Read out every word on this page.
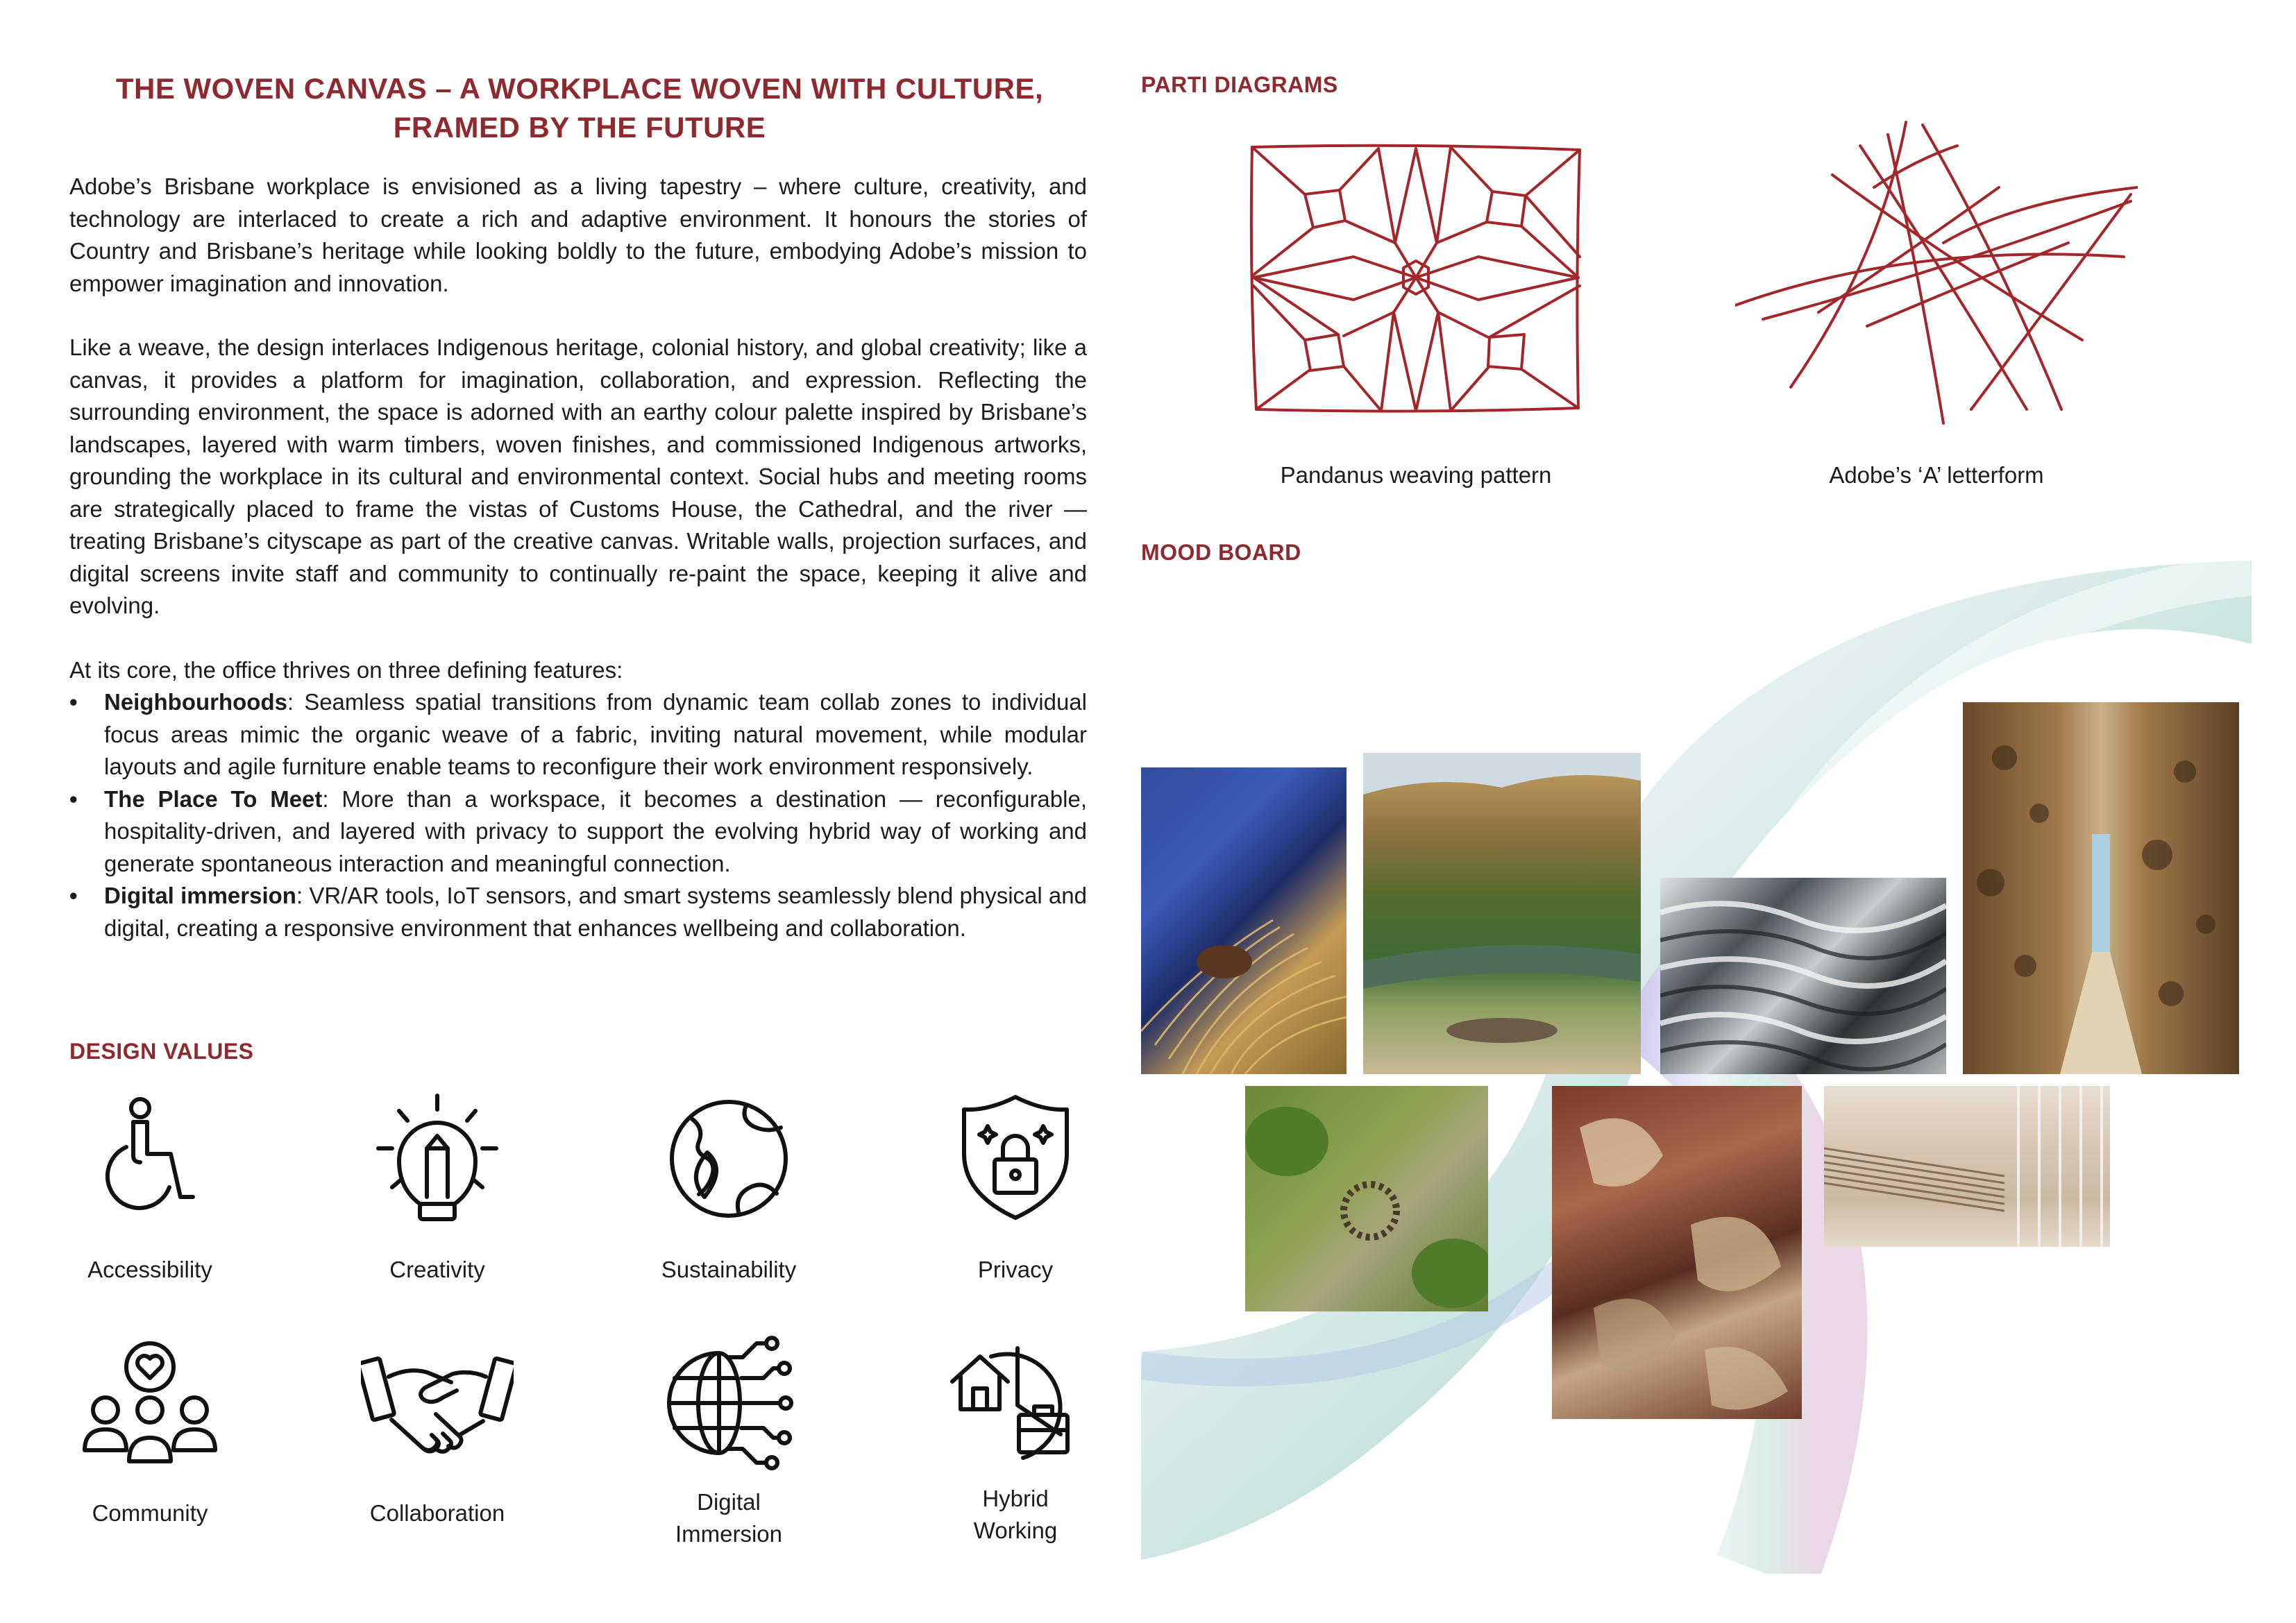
THE WOVEN CANVAS – A WORKPLACE WOVEN WITH CULTURE,
FRAMED BY THE FUTURE

Adobe’s Brisbane workplace is envisioned as a living tapestry – where culture, creativity, and technology are interlaced to create a rich and adaptive environment. It honours the stories of Country and Brisbane’s heritage while looking boldly to the future, embodying Adobe’s mission to empower imagination and innovation.

Like a weave, the design interlaces Indigenous heritage, colonial history, and global creativity; like a canvas, it provides a platform for imagination, collaboration, and expression. Reflecting the surrounding environment, the space is adorned with an earthy colour palette inspired by Brisbane’s landscapes, layered with warm timbers, woven finishes, and commissioned Indigenous artworks, grounding the workplace in its cultural and environmental context. Social hubs and meeting rooms are strategically placed to frame the vistas of Customs House, the Cathedral, and the river — treating Brisbane’s cityscape as part of the creative canvas. Writable walls, projection surfaces, and digital screens invite staff and community to continually re-paint the space, keeping it alive and evolving.

At its core, the office thrives on three defining features:

• Neighbourhoods: Seamless spatial transitions from dynamic team collab zones to individual focus areas mimic the organic weave of a fabric, inviting natural movement, while modular layouts and agile furniture enable teams to reconfigure their work environment responsively.
• The Place To Meet: More than a workspace, it becomes a destination — reconfigurable, hospitality-driven, and layered with privacy to support the evolving hybrid way of working and generate spontaneous interaction and meaningful connection.
• Digital immersion: VR/AR tools, IoT sensors, and smart systems seamlessly blend physical and digital, creating a responsive environment that enhances wellbeing and collaboration.
DESIGN VALUES
Accessibility	Creativity	Sustainability	Privacy
Community	Collaboration	Digital
Immersion
Hybrid
Working
PARTI DIAGRAMS
Pandanus weaving pattern	Adobe’s ‘A’ letterform
MOOD BOARD
